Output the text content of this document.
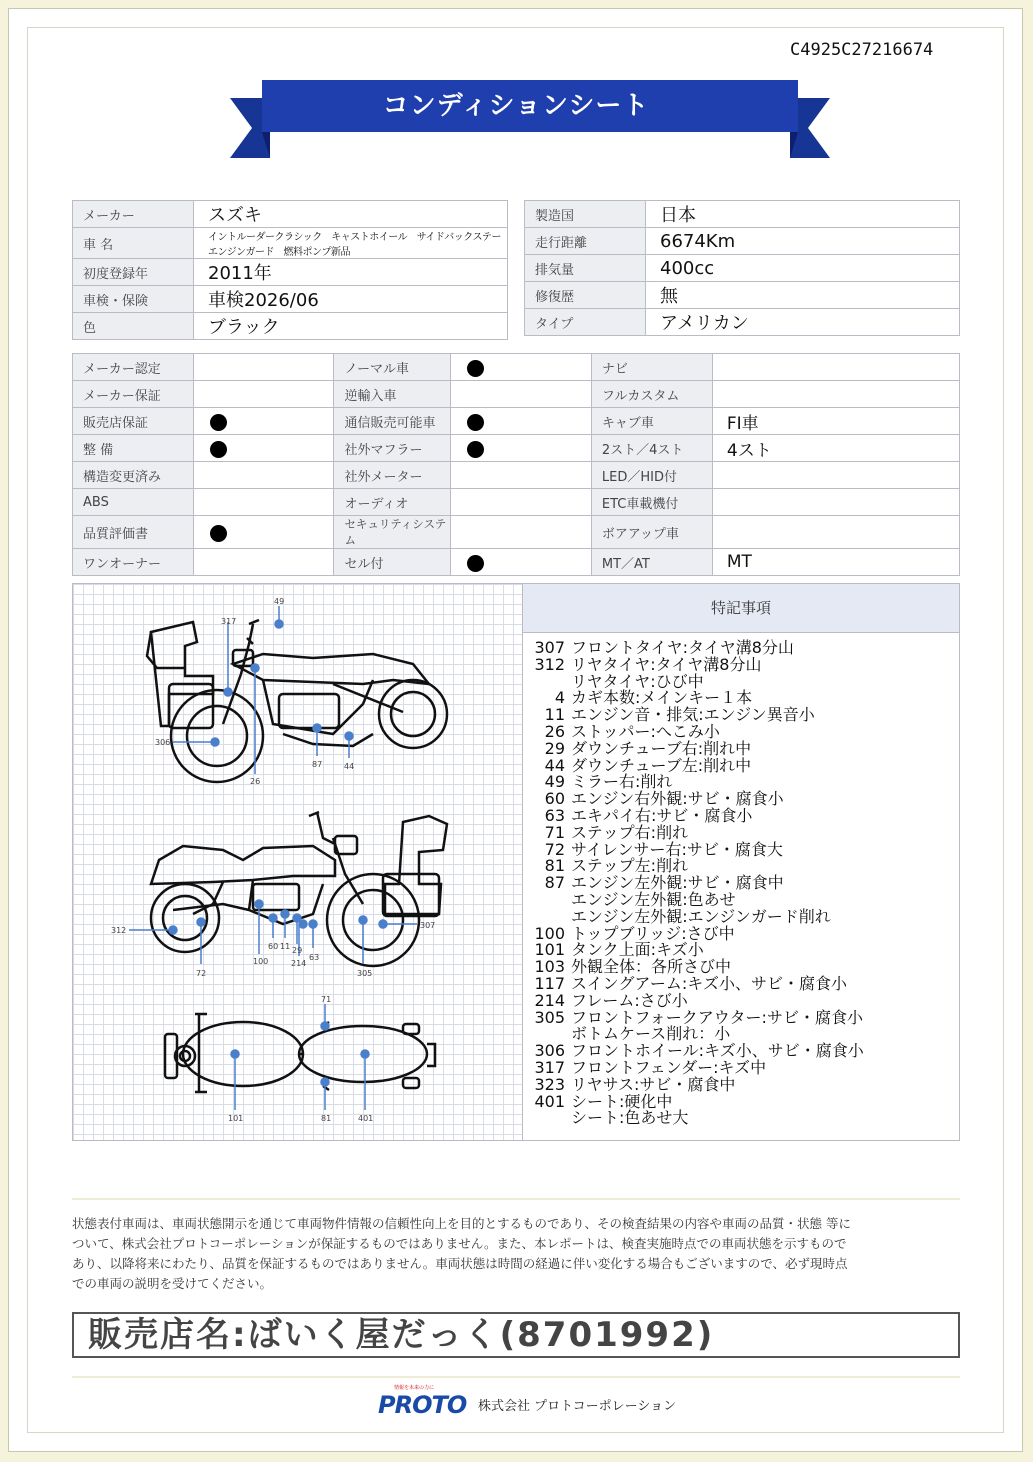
C4925C27216674
コンディションシート
メーカー	スズキ
車 名	イントルーダークラシック　キャストホイール　サイドバックステー　エンジンガード　燃料ポンプ新品
初度登録年	2011年
車検・保険	車検2026/06
色	ブラック
製造国	日本
走行距離	6674Km
排気量	400cc
修復歴	無
タイプ	アメリカン
メーカー認定		ノーマル車		ナビ	
メーカー保証		逆輸入車		フルカスタム	
販売店保証		通信販売可能車		キャブ車	FI車
整 備		社外マフラー		2スト／4スト	4スト
構造変更済み		社外メーター		LED／HID付	
ABS		オーディオ		ETC車載機付	
品質評価書		セキュリティシステム		ボアアップ車	
ワンオーナー		セル付		MT／AT	MT
49
317
306
26
87	44
312
72
60 11
100
29
214
63
305
307
71
101	81	401
特記事項
307 フロントタイヤ:タイヤ溝8分山
312 リヤタイヤ:タイヤ溝8分山
リヤタイヤ:ひび中
4 カギ本数:メインキー１本
11 エンジン音・排気:エンジン異音小
26 ストッパー:へこみ小
29 ダウンチューブ右:削れ中
44 ダウンチューブ左:削れ中
49 ミラー右:削れ
60 エンジン右外観:サビ・腐食小
63 エキパイ右:サビ・腐食小
71 ステップ右:削れ
72 サイレンサー右:サビ・腐食大
81 ステップ左:削れ
87 エンジン左外観:サビ・腐食中
エンジン左外観:色あせ
エンジン左外観:エンジンガード削れ
100 トップブリッジ:さび中
101 タンク上面:キズ小
103 外観全体：各所さび中
117 スイングアーム:キズ小、サビ・腐食小
214 フレーム:さび小
305 フロントフォークアウター:サビ・腐食小
ボトムケース削れ：小
306 フロントホイール:キズ小、サビ・腐食小
317 フロントフェンダー:キズ中
323 リヤサス:サビ・腐食中
401 シート:硬化中
シート:色あせ大
状態表付車両は、車両状態開示を通じて車両物件情報の信頼性向上を目的とするものであり、その検査結果の内容や車両の品質・状態 等に
ついて、株式会社プロトコーポレーションが保証するものではありません。また、本レポートは、検査実施時点での車両状態を示すもので
あり、以降将来にわたり、品質を保証するものではありません。車両状態は時間の経過に伴い変化する場合もございますので、必ず現時点
での車両の説明を受けてください。
販売店名:ばいく屋だっく(8701992)
情報を未来の力に
PROTO 株式会社 プロトコーポレーション
